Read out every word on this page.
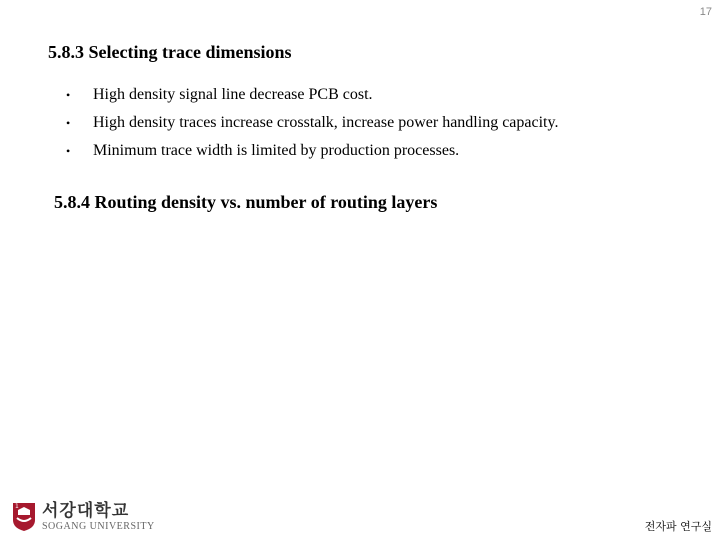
17
5.8.3 Selecting trace dimensions
•	High density signal line decrease PCB cost.
•	High density traces increase crosstalk, increase power handling capacity.
•	Minimum trace width is limited by production processes.
5.8.4 Routing density vs. number of routing layers
1 서강대학교
SOGANG UNIVERSITY	전자파 연구실
